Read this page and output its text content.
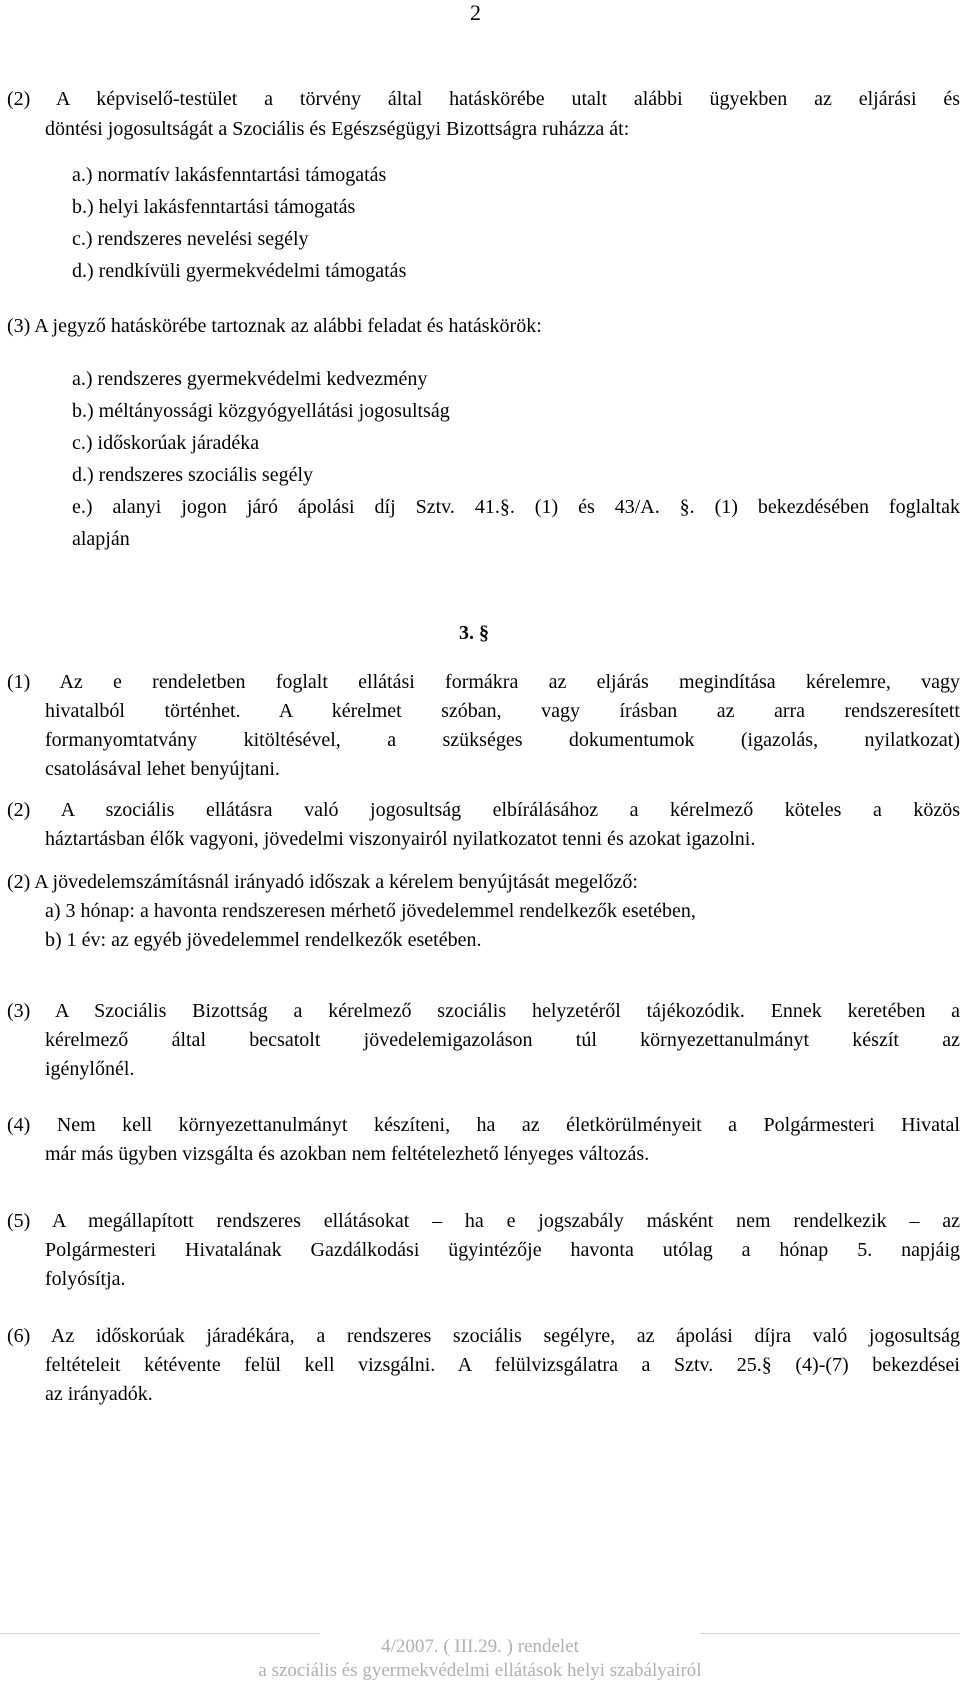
2
(2) A képviselő-testület a törvény által hatáskörébe utalt alábbi ügyekben az eljárási és
döntési jogosultságát a Szociális és Egészségügyi Bizottságra ruházza át:
a.) normatív lakásfenntartási támogatás
b.) helyi lakásfenntartási támogatás
c.) rendszeres nevelési segély
d.) rendkívüli gyermekvédelmi támogatás
(3) A jegyző hatáskörébe tartoznak az alábbi feladat és hatáskörök:
a.) rendszeres gyermekvédelmi kedvezmény
b.) méltányossági közgyógyellátási jogosultság
c.) időskorúak járadéka
d.) rendszeres szociális segély
e.) alanyi jogon járó ápolási díj Sztv. 41.§. (1) és 43/A. §. (1) bekezdésében foglaltak
alapján
3. §
(1) Az e rendeletben foglalt ellátási formákra az eljárás megindítása kérelemre, vagy
hivatalból történhet. A kérelmet szóban, vagy írásban az arra rendszeresített
formanyomtatvány kitöltésével, a szükséges dokumentumok (igazolás, nyilatkozat)
csatolásával lehet benyújtani.
(2) A szociális ellátásra való jogosultság elbírálásához a kérelmező köteles a közös
háztartásban élők vagyoni, jövedelmi viszonyairól nyilatkozatot tenni és azokat igazolni.
(2) A jövedelemszámításnál irányadó időszak a kérelem benyújtását megelőző:
a) 3 hónap: a havonta rendszeresen mérhető jövedelemmel rendelkezők esetében,
b) 1 év: az egyéb jövedelemmel rendelkezők esetében.
(3) A Szociális Bizottság a kérelmező szociális helyzetéről tájékozódik. Ennek keretében a
kérelmező által becsatolt jövedelemigazoláson túl környezettanulmányt készít az
igénylőnél.
(4) Nem kell környezettanulmányt készíteni, ha az életkörülményeit a Polgármesteri Hivatal
már más ügyben vizsgálta és azokban nem feltételezhető lényeges változás.
(5) A megállapított rendszeres ellátásokat – ha e jogszabály másként nem rendelkezik – az
Polgármesteri Hivatalának Gazdálkodási ügyintézője havonta utólag a hónap 5. napjáig
folyósítja.
(6) Az időskorúak járadékára, a rendszeres szociális segélyre, az ápolási díjra való jogosultság
feltételeit kétévente felül kell vizsgálni. A felülvizsgálatra a Sztv. 25.§ (4)-(7) bekezdései
az irányadók.
4/2007. ( III.29. ) rendelet
a szociális és gyermekvédelmi ellátások helyi szabályairól
